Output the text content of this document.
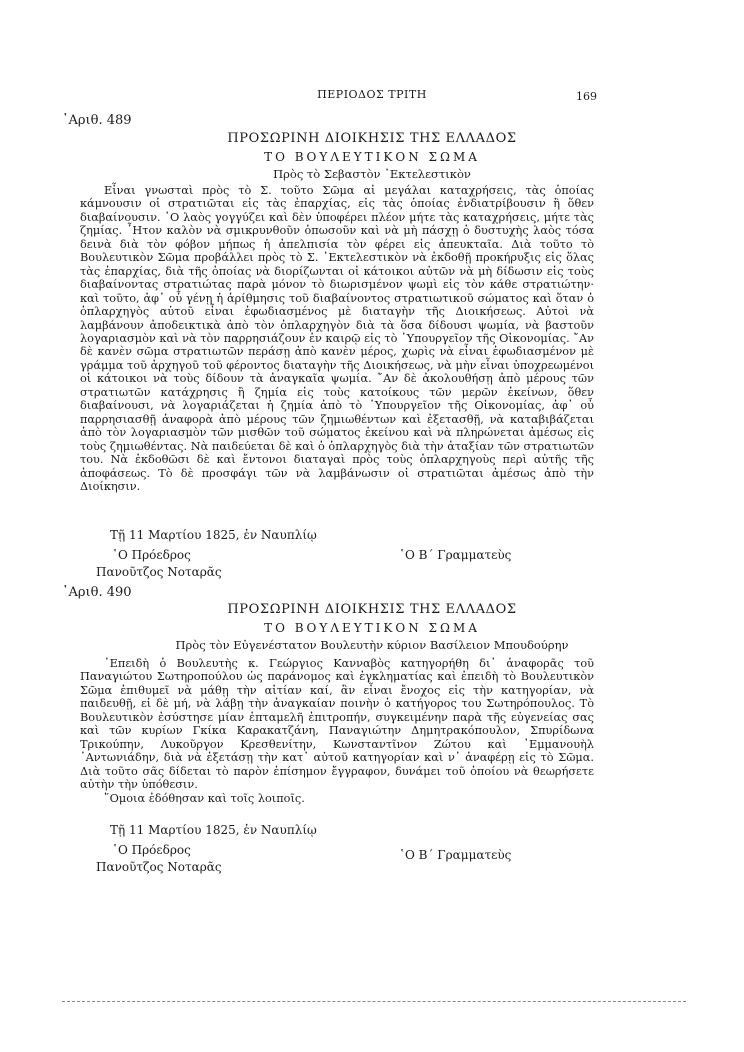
ΠΕΡΙΟΔΟΣ ΤΡΙΤΗ	169
᾿Αριθ. 489
ΠΡΟΣΩΡΙΝΗ ΔΙΟΙΚΗΣΙΣ ΤΗΣ ΕΛΛΑΔΟΣ
ΤΟ ΒΟΥΛΕΥΤΙΚΟΝ ΣΩΜΑ
Πρὸς τὸ Σεβαστὸν ᾿Εκτελεστικὸν

Εἶναι γνωσταὶ πρὸς τὸ Σ. τοῦτο Σῶμα αἱ μεγάλαι καταχρήσεις, τὰς ὁποίας κάμνουσιν οἱ στρατιῶται εἰς τὰς ἐπαρχίας, εἰς τὰς ὁποίας ἐνδιατρίβουσιν ἢ ὅθεν διαβαίνουσιν. ῾Ο λαὸς γογγύζει καὶ δὲν ὑποφέρει πλέον μήτε τὰς καταχρήσεις, μήτε τὰς ζημίας. ῏Ητον καλὸν νὰ σμικρυνθοῦν ὁπωσοῦν καὶ νὰ μὴ πάσχῃ ὁ δυστυχὴς λαὸς τόσα δεινὰ διὰ τὸν φόβον μήπως ἡ ἀπελπισία τὸν φέρει εἰς ἀπευκταῖα. Διὰ τοῦτο τὸ Βουλευτικὸν Σῶμα προβάλλει πρὸς τὸ Σ. ᾿Εκτελεστικὸν νὰ ἐκδοθῇ προκήρυξις εἰς ὅλας τὰς ἐπαρχίας, διὰ τῆς ὁποίας νὰ διορίζωνται οἱ κάτοικοι αὐτῶν νὰ μὴ δίδωσιν εἰς τοὺς διαβαίνοντας στρατιώτας παρὰ μόνον τὸ διωρισμένον ψωμὶ εἰς τὸν κάθε στρατιώτην· καὶ τοῦτο, ἀφ᾿ οὗ γένῃ ἡ ἀρίθμησις τοῦ διαβαίνοντος στρατιωτικοῦ σώματος καὶ ὅταν ὁ ὁπλαρχηγὸς αὐτοῦ εἶναι ἐφωδιασμένος μὲ διαταγὴν τῆς Διοικήσεως. Αὐτοὶ νὰ λαμβάνουν ἀποδεικτικὰ ἀπὸ τὸν ὁπλαρχηγὸν διὰ τὰ ὅσα δίδουσι ψωμία, νὰ βαστοῦν λογαριασμὸν καὶ νὰ τὸν παρρησιάζουν ἐν καιρῷ εἰς τὸ ῾Υπουργεῖον τῆς Οἰκονομίας. ῎Αν δὲ κανὲν σῶμα στρατιωτῶν περάσῃ ἀπὸ κανὲν μέρος, χωρὶς νὰ εἶναι ἐφωδιασμένον μὲ γράμμα τοῦ ἀρχηγοῦ τοῦ φέροντος διαταγὴν τῆς Διοικήσεως, νὰ μὴν εἶναι ὑποχρεωμένοι οἱ κάτοικοι νὰ τοὺς δίδουν τὰ ἀναγκαῖα ψωμία. ῎Αν δὲ ἀκολουθήσῃ ἀπὸ μέρους τῶν στρατιωτῶν κατάχρησις ἢ ζημία εἰς τοὺς κατοίκους τῶν μερῶν ἐκείνων, ὅθεν διαβαίνουσι, νὰ λογαριάζεται ἡ ζημία ἀπὸ τὸ ῾Υπουργεῖον τῆς Οἰκονομίας, ἀφ᾿ οὗ παρρησιασθῇ ἀναφορὰ ἀπὸ μέρους τῶν ζημιωθέντων καὶ ἐξετασθῇ, νὰ καταβιβάζεται ἀπὸ τὸν λογαριασμὸν τῶν μισθῶν τοῦ σώματος ἐκείνου καὶ νὰ πληρώνεται ἀμέσως εἰς τοὺς ζημιωθέντας. Νὰ παιδεύεται δὲ καὶ ὁ ὁπλαρχηγὸς διὰ τὴν ἀταξίαν τῶν στρατιωτῶν του. Νὰ ἐκδοθῶσι δὲ καὶ ἔντονοι διαταγαὶ πρὸς τοὺς ὁπλαρχηγοὺς περὶ αὐτῆς τῆς ἀποφάσεως. Τὸ δὲ προσφάγι τῶν νὰ λαμβάνωσιν οἱ στρατιῶται ἀμέσως ἀπὸ τὴν Διοίκησιν.

Τῇ 11 Μαρτίου 1825, ἐν Ναυπλίῳ
῾Ο Πρόεδρος
Πανοῦτζος Νοταρᾶς
῾Ο Β΄ Γραμματεὺς
᾿Αριθ. 490
ΠΡΟΣΩΡΙΝΗ ΔΙΟΙΚΗΣΙΣ ΤΗΣ ΕΛΛΑΔΟΣ
ΤΟ ΒΟΥΛΕΥΤΙΚΟΝ ΣΩΜΑ
Πρὸς τὸν Εὐγενέστατον Βουλευτὴν κύριον Βασίλειον Μπουδούρην

᾿Επειδὴ ὁ Βουλευτὴς κ. Γεώργιος Κανναβὸς κατηγορήθη δι᾿ ἀναφορᾶς τοῦ Παναγιώτου Σωτηροπούλου ὡς παράνομος καὶ ἐγκληματίας καὶ ἐπειδὴ τὸ Βουλευτικὸν Σῶμα ἐπιθυμεῖ νὰ μάθῃ τὴν αἰτίαν καί, ἂν εἶναι ἔνοχος εἰς τὴν κατηγορίαν, νὰ παιδευθῇ, εἰ δὲ μή, νὰ λάβῃ τὴν ἀναγκαίαν ποινὴν ὁ κατήγορος του Σωτηρόπουλος. Τὸ Βουλευτικὸν ἐσύστησε μίαν ἐπταμελῆ ἐπιτροπήν, συγκειμένην παρὰ τῆς εὐγενείας σας καὶ τῶν κυρίων Γκίκα Καρακατζάνη, Παναγιώτην Δημητρακόπουλον, Σπυρίδωνα Τρικούπην, Λυκοῦργον Κρεσθενίτην, Κωνσταντῖνον Ζώτου καὶ ᾿Εμμανουὴλ ᾿Αντωνιάδην, διὰ νὰ ἐξετάσῃ τὴν κατ᾿ αὐτοῦ κατηγορίαν καὶ ν᾿ ἀναφέρῃ εἰς τὸ Σῶμα. Διὰ τοῦτο σᾶς δίδεται τὸ παρὸν ἐπίσημον ἔγγραφον, δυνάμει τοῦ ὁποίου νὰ θεωρήσετε αὐτὴν τὴν ὑπόθεσιν.

῞Ομοια ἐδόθησαν καὶ τοῖς λοιποῖς.

Τῇ 11 Μαρτίου 1825, ἐν Ναυπλίῳ
῾Ο Πρόεδρος
Πανοῦτζος Νοταρᾶς
῾Ο Β΄ Γραμματεὺς
